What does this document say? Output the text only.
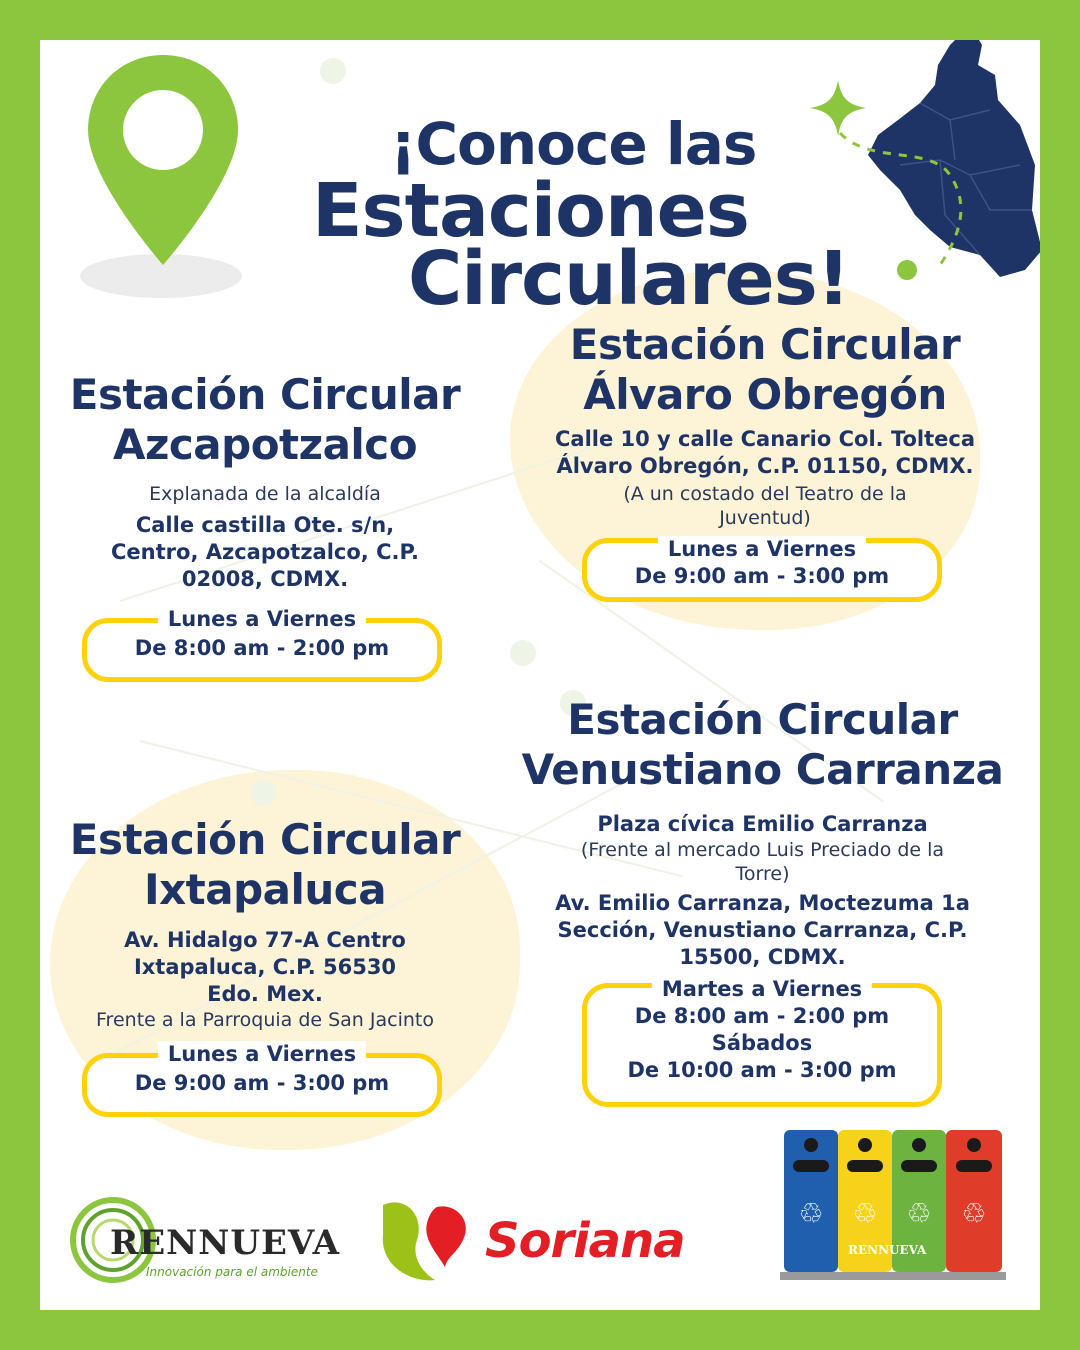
¡Conoce las
Estaciones
Circulares!
Estación Circular
Azcapotzalco
Explanada de la alcaldía
Calle castilla Ote. s/n,
Centro, Azcapotzalco, C.P.
02008, CDMX.
Lunes a Viernes
De 8:00 am - 2:00 pm
Estación Circular
Álvaro Obregón
Calle 10 y calle Canario Col. Tolteca
Álvaro Obregón, C.P. 01150, CDMX.
(A un costado del Teatro de la
Juventud)
Lunes a Viernes
De 9:00 am - 3:00 pm
Estación Circular
Venustiano Carranza
Plaza cívica Emilio Carranza
(Frente al mercado Luis Preciado de la
Torre)
Av. Emilio Carranza, Moctezuma 1a
Sección, Venustiano Carranza, C.P.
15500, CDMX.
Martes a Viernes
De 8:00 am - 2:00 pm
Sábados
De 10:00 am - 3:00 pm
Estación Circular
Ixtapaluca
Av. Hidalgo 77-A Centro
Ixtapaluca, C.P. 56530
Edo. Mex.
Frente a la Parroquia de San Jacinto
Lunes a Viernes
De 9:00 am - 3:00 pm
RENNUEVA
Innovación para el ambiente
Soriana	♲ ♲ ♲ ♲
RENNUEVA
